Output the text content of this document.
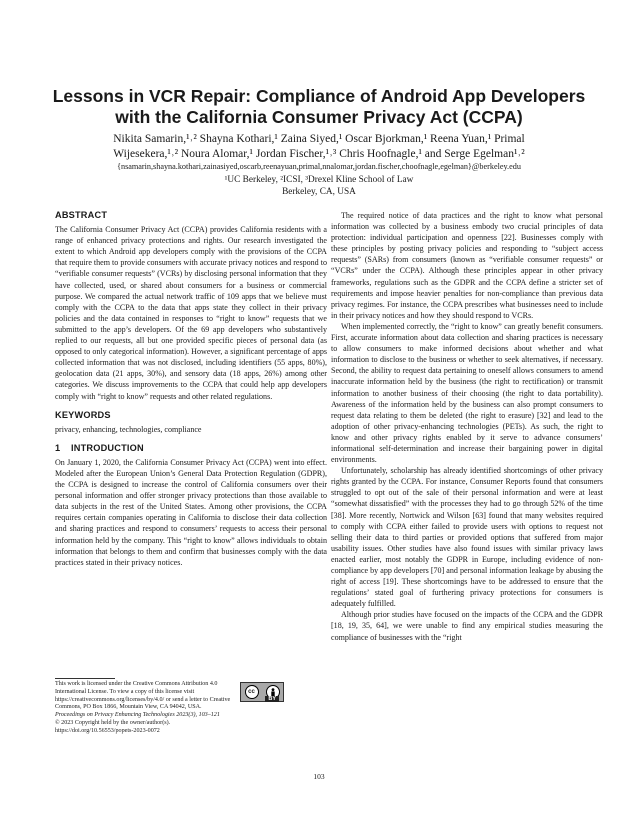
Lessons in VCR Repair: Compliance of Android App Developers
with the California Consumer Privacy Act (CCPA)
Nikita Samarin,¹˒² Shayna Kothari,¹ Zaina Siyed,¹ Oscar Bjorkman,¹ Reena Yuan,¹ Primal
Wijesekera,¹˒² Noura Alomar,¹ Jordan Fischer,¹˒³ Chris Hoofnagle,¹ and Serge Egelman¹˒²
{nsamarin,shayna.kothari,zainasiyed,oscarb,reenayuan,primal,nnalomar,jordan.fischer,choofnagle,egelman}@berkeley.edu
¹UC Berkeley, ²ICSI, ³Drexel Kline School of Law
Berkeley, CA, USA
ABSTRACT

The California Consumer Privacy Act (CCPA) provides California residents with a range of enhanced privacy protections and rights. Our research investigated the extent to which Android app developers comply with the provisions of the CCPA that require them to provide consumers with accurate privacy notices and respond to “verifiable consumer requests” (VCRs) by disclosing personal information that they have collected, used, or shared about consumers for a business or commercial purpose. We compared the actual network traffic of 109 apps that we believe must comply with the CCPA to the data that apps state they collect in their privacy policies and the data contained in responses to “right to know” requests that we submitted to the app’s developers. Of the 69 app developers who substantively replied to our requests, all but one provided specific pieces of personal data (as opposed to only categorical information). However, a significant percentage of apps collected information that was not disclosed, including identifiers (55 apps, 80%), geolocation data (21 apps, 30%), and sensory data (18 apps, 26%) among other categories. We discuss improvements to the CCPA that could help app developers comply with “right to know” requests and other related regulations.

KEYWORDS

privacy, enhancing, technologies, compliance

1 INTRODUCTION

On January 1, 2020, the California Consumer Privacy Act (CCPA) went into effect. Modeled after the European Union’s General Data Protection Regulation (GDPR), the CCPA is designed to increase the control of California consumers over their personal information and offer stronger privacy protections than those available to data subjects in the rest of the United States. Among other provisions, the CCPA requires certain companies operating in California to disclose their data collection and sharing practices and respond to consumers’ requests to access their personal information held by the company. This “right to know” allows individuals to obtain information that belongs to them and confirm that businesses comply with the data practices stated in their privacy notices.

The required notice of data practices and the right to know what personal information was collected by a business embody two crucial principles of data protection: individual participation and openness [22]. Businesses comply with these principles by posting privacy policies and responding to “subject access requests” (SARs) from consumers (known as “verifiable consumer requests” or “VCRs” under the CCPA). Although these principles appear in other privacy frameworks, regulations such as the GDPR and the CCPA define a stricter set of requirements and impose heavier penalties for non-compliance than previous data privacy regimes. For instance, the CCPA prescribes what businesses need to include in their privacy notices and how they should respond to VCRs.

When implemented correctly, the “right to know” can greatly benefit consumers. First, accurate information about data collection and sharing practices is necessary to allow consumers to make informed decisions about whether and what information to disclose to the business or whether to seek alternatives, if necessary. Second, the ability to request data pertaining to oneself allows consumers to amend inaccurate information held by the business (the right to rectification) or transmit information to another business of their choosing (the right to data portability). Awareness of the information held by the business can also prompt consumers to request data relating to them be deleted (the right to erasure) [32] and lead to the adoption of other privacy-enhancing technologies (PETs). As such, the right to know and other privacy rights enabled by it serve to advance consumers’ informational self-determination and increase their bargaining power in digital environments.

Unfortunately, scholarship has already identified shortcomings of other privacy rights granted by the CCPA. For instance, Consumer Reports found that consumers struggled to opt out of the sale of their personal information and were at least “somewhat dissatisfied” with the processes they had to go through 52% of the time [38]. More recently, Nortwick and Wilson [63] found that many websites required to comply with CCPA either failed to provide users with options to request not selling their data to third parties or provided options that suffered from major usability issues. Other studies have also found issues with similar privacy laws enacted earlier, most notably the GDPR in Europe, including evidence of non-compliance by app developers [70] and personal information leakage by abusing the right of access [19]. These shortcomings have to be addressed to ensure that the regulations’ stated goal of furthering privacy protections for consumers is adequately fulfilled.

Although prior studies have focused on the impacts of the CCPA and the GDPR [18, 19, 35, 64], we were unable to find any empirical studies measuring the compliance of businesses with the “right

This work is licensed under the Creative Commons Attribution 4.0 International License. To view a copy of this license visit https://creativecommons.org/licenses/by/4.0/ or send a letter to Creative Commons, PO Box 1866, Mountain View, CA 94042, USA.

Proceedings on Privacy Enhancing Technologies 2023(3), 103–121

© 2023 Copyright held by the owner/author(s).

https://doi.org/10.56553/popets-2023-0072

cc
BY
103
